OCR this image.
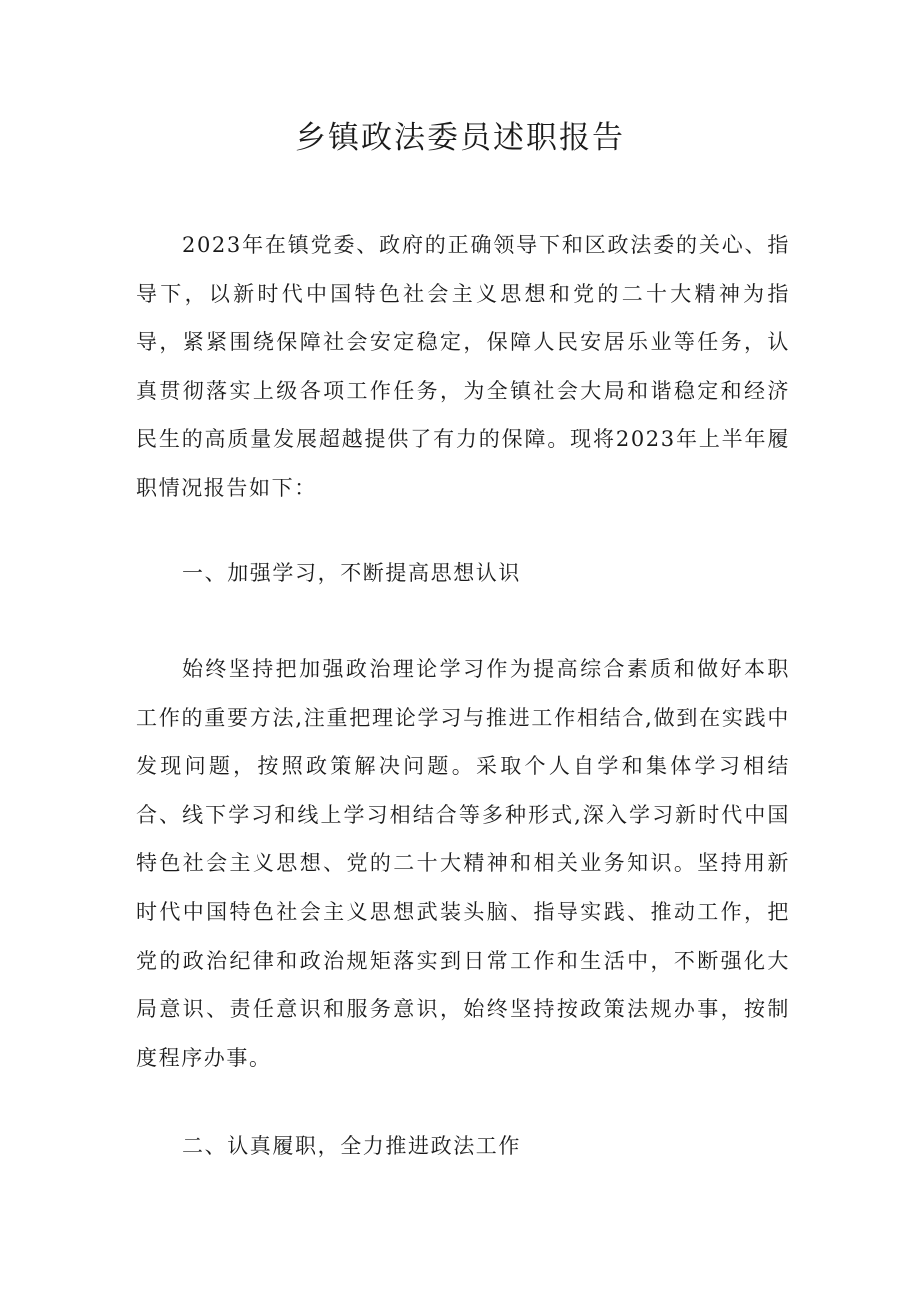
乡镇政法委员述职报告

2023年在镇党委、政府的正确领导下和区政法委的关心、指导下，以新时代中国特色社会主义思想和党的二十大精神为指导，紧紧围绕保障社会安定稳定，保障人民安居乐业等任务，认真贯彻落实上级各项工作任务，为全镇社会大局和谐稳定和经济民生的高质量发展超越提供了有力的保障。现将2023年上半年履职情况报告如下：

一、加强学习，不断提高思想认识

始终坚持把加强政治理论学习作为提高综合素质和做好本职工作的重要方法,注重把理论学习与推进工作相结合,做到在实践中发现问题，按照政策解决问题。采取个人自学和集体学习相结合、线下学习和线上学习相结合等多种形式,深入学习新时代中国特色社会主义思想、党的二十大精神和相关业务知识。坚持用新时代中国特色社会主义思想武装头脑、指导实践、推动工作，把党的政治纪律和政治规矩落实到日常工作和生活中，不断强化大局意识、责任意识和服务意识，始终坚持按政策法规办事，按制度程序办事。

二、认真履职，全力推进政法工作
